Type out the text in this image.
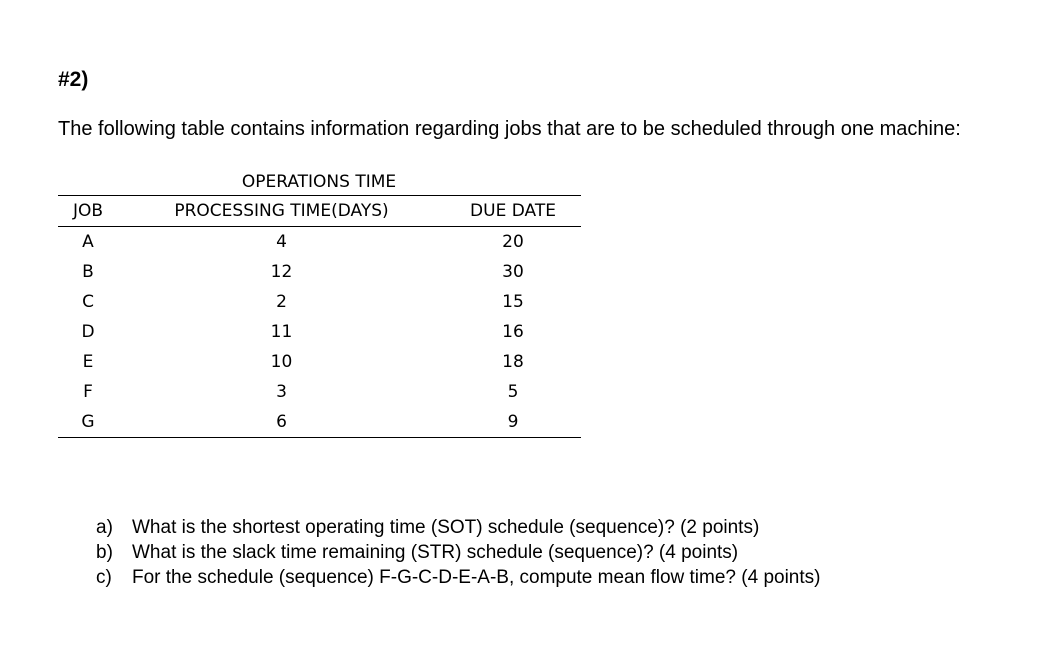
#2)
The following table contains information regarding jobs that are to be scheduled through one machine:
OPERATIONS TIME
JOB	PROCESSING TIME(DAYS)	DUE DATE
A	4	20
B	12	30
C	2	15
D	11	16
E	10	18
F	3	5
G	6	9
a) What is the shortest operating time (SOT) schedule (sequence)? (2 points)
b) What is the slack time remaining (STR) schedule (sequence)? (4 points)
c) For the schedule (sequence) F-G-C-D-E-A-B, compute mean flow time? (4 points)
